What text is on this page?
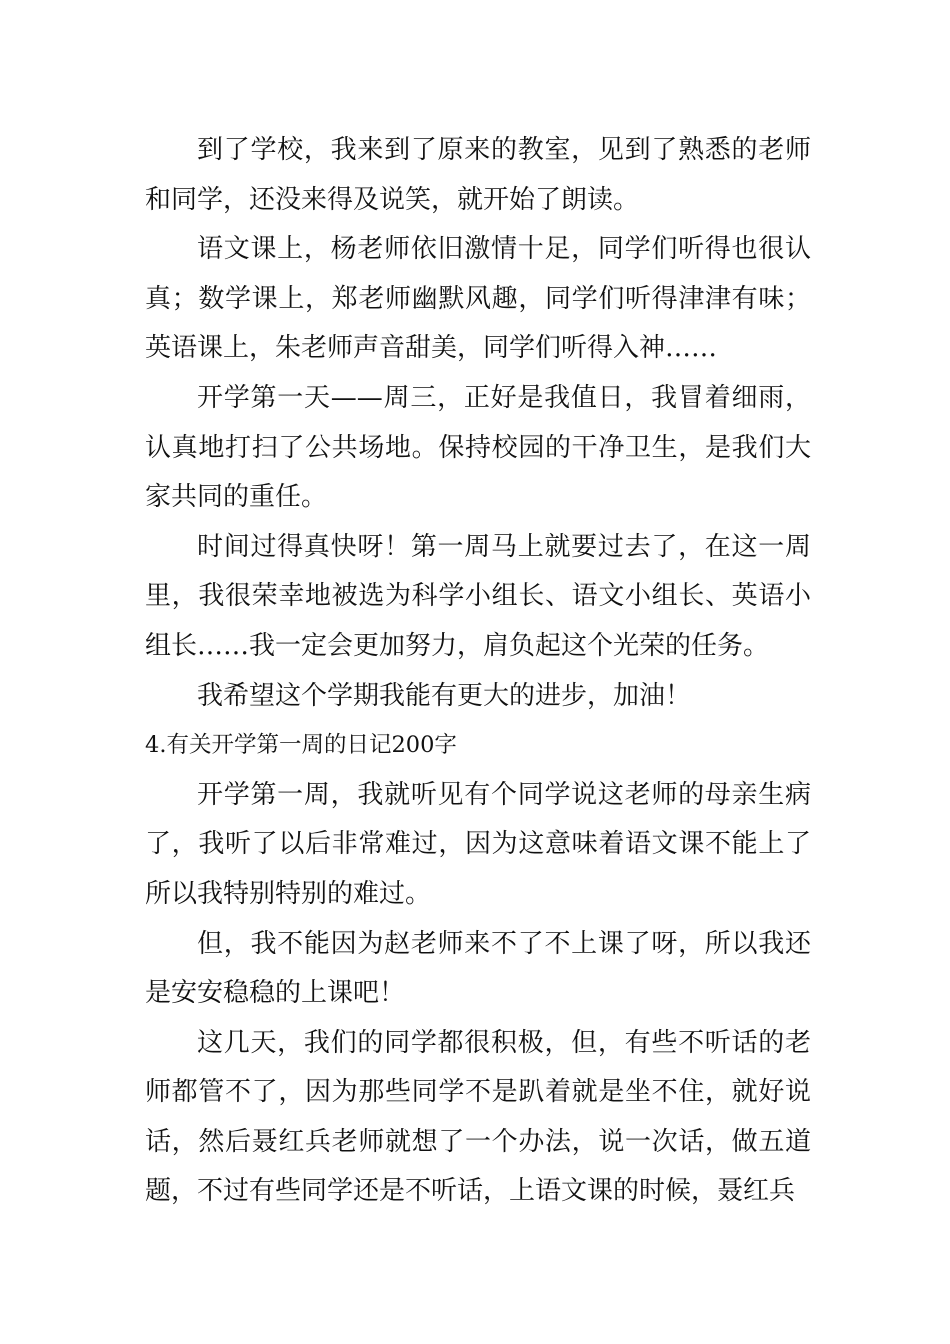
到了学校，我来到了原来的教室，见到了熟悉的老师和同学，还没来得及说笑，就开始了朗读。

语文课上，杨老师依旧激情十足，同学们听得也很认真；数学课上，郑老师幽默风趣，同学们听得津津有味；英语课上，朱老师声音甜美，同学们听得入神……

开学第一天——周三，正好是我值日，我冒着细雨，认真地打扫了公共场地。保持校园的干净卫生，是我们大家共同的重任。

时间过得真快呀！第一周马上就要过去了，在这一周里，我很荣幸地被选为科学小组长、语文小组长、英语小组长……我一定会更加努力，肩负起这个光荣的任务。

我希望这个学期我能有更大的进步，加油！

4.有关开学第一周的日记200字

开学第一周，我就听见有个同学说这老师的母亲生病了，我听了以后非常难过，因为这意味着语文课不能上了所以我特别特别的难过。

但，我不能因为赵老师来不了不上课了呀，所以我还是安安稳稳的上课吧！

这几天，我们的同学都很积极，但，有些不听话的老师都管不了，因为那些同学不是趴着就是坐不住，就好说话，然后聂红兵老师就想了一个办法，说一次话，做五道题，不过有些同学还是不听话，上语文课的时候，聂红兵
